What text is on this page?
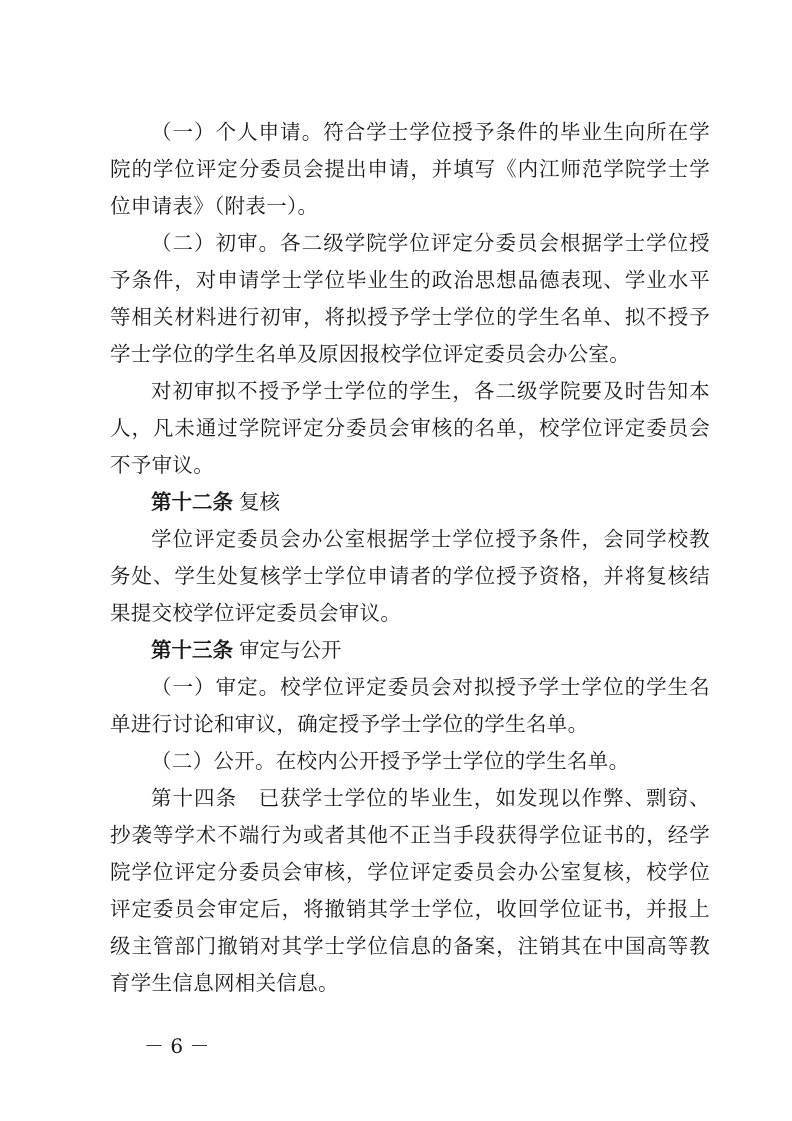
（一）个人申请。符合学士学位授予条件的毕业生向所在学院的学位评定分委员会提出申请，并填写《内江师范学院学士学位申请表》（附表一）。

（二）初审。各二级学院学位评定分委员会根据学士学位授予条件，对申请学士学位毕业生的政治思想品德表现、学业水平等相关材料进行初审，将拟授予学士学位的学生名单、拟不授予学士学位的学生名单及原因报校学位评定委员会办公室。

对初审拟不授予学士学位的学生，各二级学院要及时告知本人，凡未通过学院评定分委员会审核的名单，校学位评定委员会不予审议。

第十二条 复核

学位评定委员会办公室根据学士学位授予条件，会同学校教务处、学生处复核学士学位申请者的学位授予资格，并将复核结果提交校学位评定委员会审议。

第十三条 审定与公开

（一）审定。校学位评定委员会对拟授予学士学位的学生名单进行讨论和审议，确定授予学士学位的学生名单。

（二）公开。在校内公开授予学士学位的学生名单。

第十四条　已获学士学位的毕业生，如发现以作弊、剽窃、抄袭等学术不端行为或者其他不正当手段获得学位证书的，经学院学位评定分委员会审核，学位评定委员会办公室复核，校学位评定委员会审定后，将撤销其学士学位，收回学位证书，并报上级主管部门撤销对其学士学位信息的备案，注销其在中国高等教育学生信息网相关信息。

－ 6 －
